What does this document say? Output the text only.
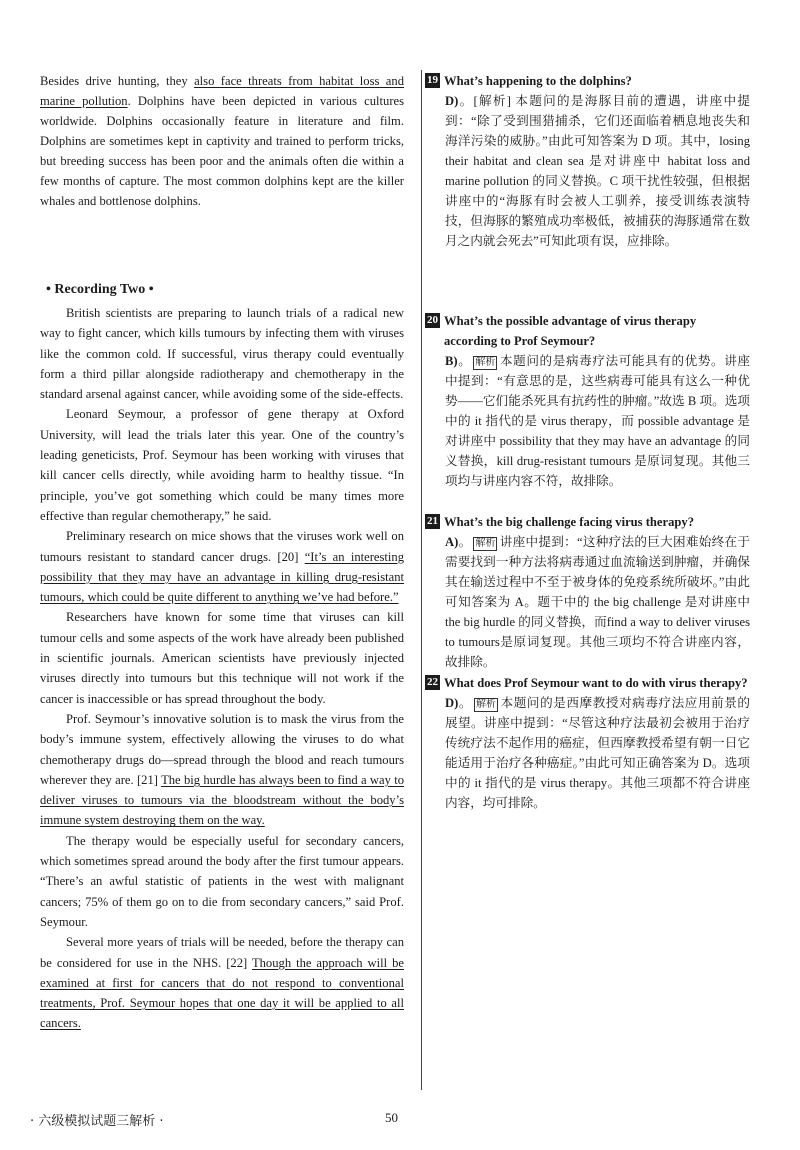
Besides drive hunting, they also face threats from habitat loss and marine pollution. Dolphins have been depicted in various cultures worldwide. Dolphins occasionally feature in literature and film. Dolphins are sometimes kept in captivity and trained to perform tricks, but breeding success has been poor and the animals often die within a few months of capture. The most common dolphins kept are the killer whales and bottlenose dolphins.

• Recording Two •

British scientists are preparing to launch trials of a radical new way to fight cancer, which kills tumours by infecting them with viruses like the common cold. If successful, virus therapy could eventually form a third pillar alongside radiotherapy and chemotherapy in the standard arsenal against cancer, while avoiding some of the side-effects.

Leonard Seymour, a professor of gene therapy at Oxford University, will lead the trials later this year. One of the country’s leading geneticists, Prof. Seymour has been working with viruses that kill cancer cells directly, while avoiding harm to healthy tissue. “In principle, you’ve got something which could be many times more effective than regular chemotherapy,” he said.

Preliminary research on mice shows that the viruses work well on tumours resistant to standard cancer drugs. [20] “It’s an interesting possibility that they may have an advantage in killing drug-resistant tumours, which could be quite different to anything we’ve had before.”

Researchers have known for some time that viruses can kill tumour cells and some aspects of the work have already been published in scientific journals. American scientists have previously injected viruses directly into tumours but this technique will not work if the cancer is inaccessible or has spread throughout the body.

Prof. Seymour’s innovative solution is to mask the virus from the body’s immune system, effectively allowing the viruses to do what chemotherapy drugs do—spread through the blood and reach tumours wherever they are. [21] The big hurdle has always been to find a way to deliver viruses to tumours via the bloodstream without the body’s immune system destroying them on the way.

The therapy would be especially useful for secondary cancers, which sometimes spread around the body after the first tumour appears. “There’s an awful statistic of patients in the west with malignant cancers; 75% of them go on to die from secondary cancers,” said Prof. Seymour.

Several more years of trials will be needed, before the therapy can be considered for use in the NHS. [22] Though the approach will be examined at first for cancers that do not respond to conventional treatments, Prof. Seymour hopes that one day it will be applied to all cancers.

19 What’s happening to the dolphins?
D)。[解析] 本题问的是海豚目前的遭遇，讲座中提到：“除了受到围猎捕杀，它们还面临着栖息地丧失和海洋污染的威胁。”由此可知答案为 D 项。其中，losing their habitat and clean sea 是对讲座中 habitat loss and marine pollution 的同义替换。C 项干扰性较强，但根据讲座中的“海豚有时会被人工驯养，接受训练表演特技，但海豚的繁殖成功率极低，被捕获的海豚通常在数月之内就会死去”可知此项有误，应排除。
20 What’s the possible advantage of virus therapy according to Prof Seymour?
B)。 解析 本题问的是病毒疗法可能具有的优势。讲座中提到：“有意思的是，这些病毒可能具有这么一种优势——它们能杀死具有抗药性的肿瘤。”故选 B 项。选项中的 it 指代的是 virus therapy，而 possible advantage 是对讲座中 possibility that they may have an advantage 的同义替换，kill drug-resistant tumours 是原词复现。其他三项均与讲座内容不符，故排除。
21 What’s the big challenge facing virus therapy?
A)。 解析 讲座中提到：“这种疗法的巨大困难始终在于需要找到一种方法将病毒通过血流输送到肿瘤，并确保其在输送过程中不至于被身体的免疫系统所破坏。”由此可知答案为 A。题干中的 the big challenge 是对讲座中 the big hurdle 的同义替换，而find a way to deliver viruses to tumours是原词复现。其他三项均不符合讲座内容，故排除。
22 What does Prof Seymour want to do with virus therapy?
D)。 解析 本题问的是西摩教授对病毒疗法应用前景的展望。讲座中提到：“尽管这种疗法最初会被用于治疗传统疗法不起作用的癌症，但西摩教授希望有朝一日它能适用于治疗各种癌症。”由此可知正确答案为 D。选项中的 it 指代的是 virus therapy。其他三项都不符合讲座内容，均可排除。
· 六级模拟试题三解析 ·	50
